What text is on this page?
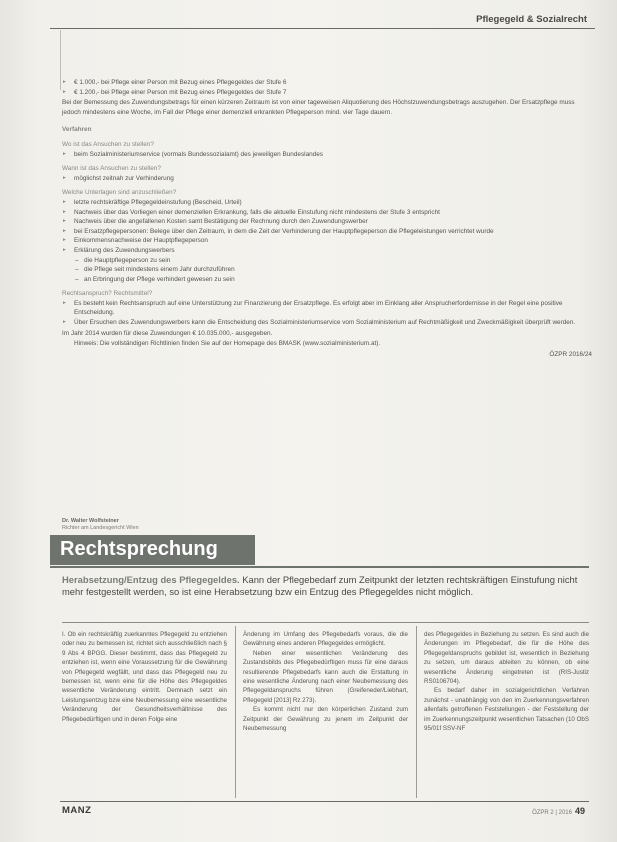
Pflegegeld & Sozialrecht
▸ € 1.000,- bei Pflege einer Person mit Bezug eines Pflegegeldes der Stufe 6
▸ € 1.200,- bei Pflege einer Person mit Bezug eines Pflegegeldes der Stufe 7
Bei der Bemessung des Zuwendungsbetrags für einen kürzeren Zeitraum ist von einer tageweisen Aliquotierung des Höchstzuwendungsbetrags auszugehen. Der Ersatzpflege muss jedoch mindestens eine Woche, im Fall der Pflege einer demenziell erkrankten Pflegeperson mind. vier Tage dauern.
Verfahren
Wo ist das Ansuchen zu stellen?
▸ beim Sozialministeriumservice (vormals Bundessozialamt) des jeweiligen Bundeslandes
Wann ist das Ansuchen zu stellen?
▸ möglichst zeitnah zur Verhinderung
Welche Unterlagen sind anzuschließen?
▸ letzte rechtskräftige Pflegegeldeinstufung (Bescheid, Urteil)
▸ Nachweis über das Vorliegen einer demenziellen Erkrankung, falls die aktuelle Einstufung nicht mindestens der Stufe 3 entspricht
▸ Nachweis über die angefallenen Kosten samt Bestätigung der Rechnung durch den Zuwendungswerber
▸ bei Ersatzpflegepersonen: Belege über den Zeitraum, in dem die Zeit der Verhinderung der Hauptpflegeperson die Pflegeleistungen verrichtet wurde
▸ Einkommensnachweise der Hauptpflegeperson
▸ Erklärung des Zuwendungswerbers
– die Hauptpflegeperson zu sein
– die Pflege seit mindestens einem Jahr durchzuführen
– an Erbringung der Pflege verhindert gewesen zu sein
Rechtsanspruch? Rechtsmittel?
▸ Es besteht kein Rechtsanspruch auf eine Unterstützung zur Finanzierung der Ersatzpflege. Es erfolgt aber im Einklang aller Ansprucherfordernisse in der Regel eine positive Entscheidung.
▸ Über Ersuchen des Zuwendungswerbers kann die Entscheidung des Sozialministeriumservice vom Sozialministerium auf Rechtmäßigkeit und Zweckmäßigkeit überprüft werden.
Im Jahr 2014 wurden für diese Zuwendungen € 10.035.000,- ausgegeben.
Hinweis: Die vollständigen Richtlinien finden Sie auf der Homepage des BMASK (www.sozialministerium.at).
ÖZPR 2016/24
Dr. Walter Wolfsteiner
Richter am Landesgericht Wien
Rechtsprechung
Herabsetzung/Entzug des Pflegegeldes. Kann der Pflegebedarf zum Zeitpunkt der letzten rechtskräftigen Einstufung nicht mehr festgestellt werden, so ist eine Herabsetzung bzw ein Entzug des Pflegegeldes nicht möglich.

I. Ob ein rechtskräftig zuerkanntes Pflegegeld zu entziehen oder neu zu bemessen ist, richtet sich ausschließlich nach § 9 Abs 4 BPGG. Dieser bestimmt, dass das Pflegegeld zu entziehen ist, wenn eine Voraussetzung für die Gewährung von Pflegegeld wegfällt, und dass das Pflegegeld neu zu bemessen ist, wenn eine für die Höhe des Pflegegeldes wesentliche Veränderung eintritt. Demnach setzt ein Leistungsentzug bzw eine Neubemessung eine wesentliche Veränderung der Gesundheitsverhältnisse des Pflegebedürftigen und in deren Folge eine

Änderung im Umfang des Pflegebedarfs voraus, die die Gewährung eines anderen Pflegegeldes ermöglicht.

Neben einer wesentlichen Veränderung des Zustandsbilds des Pflegebedürftigen muss für eine daraus resultierende Pflegebedarfs kann auch die Erstattung in eine wesentliche Änderung nach einer Neubemessung des Pflegegeldanspruchs führen (Greifeneder/Liebhart, Pflegegeld [2013] Rz 273).

Es kommt nicht nur den körperlichen Zustand zum Zeitpunkt der Gewährung zu jenem im Zeitpunkt der Neubemessung

des Pflegegeldes in Beziehung zu setzen. Es sind auch die Änderungen im Pflegebedarf, die für die Höhe des Pflegegeldanspruchs gebildet ist, wesentlich in Beziehung zu setzen, um daraus ableiten zu können, ob eine wesentliche Änderung eingetreten ist (RIS-Justiz RS0106704).

Es bedarf daher im sozialgerichtlichen Verfahren zunächst - unabhängig von den im Zuerkennungsverfahren allenfalls getroffenen Feststellungen - der Feststellung der im Zuerkennungszeitpunkt wesentlichen Tatsachen (10 ObS 95/01f SSV-NF

MANZ	ÖZPR 2 | 2016 49
